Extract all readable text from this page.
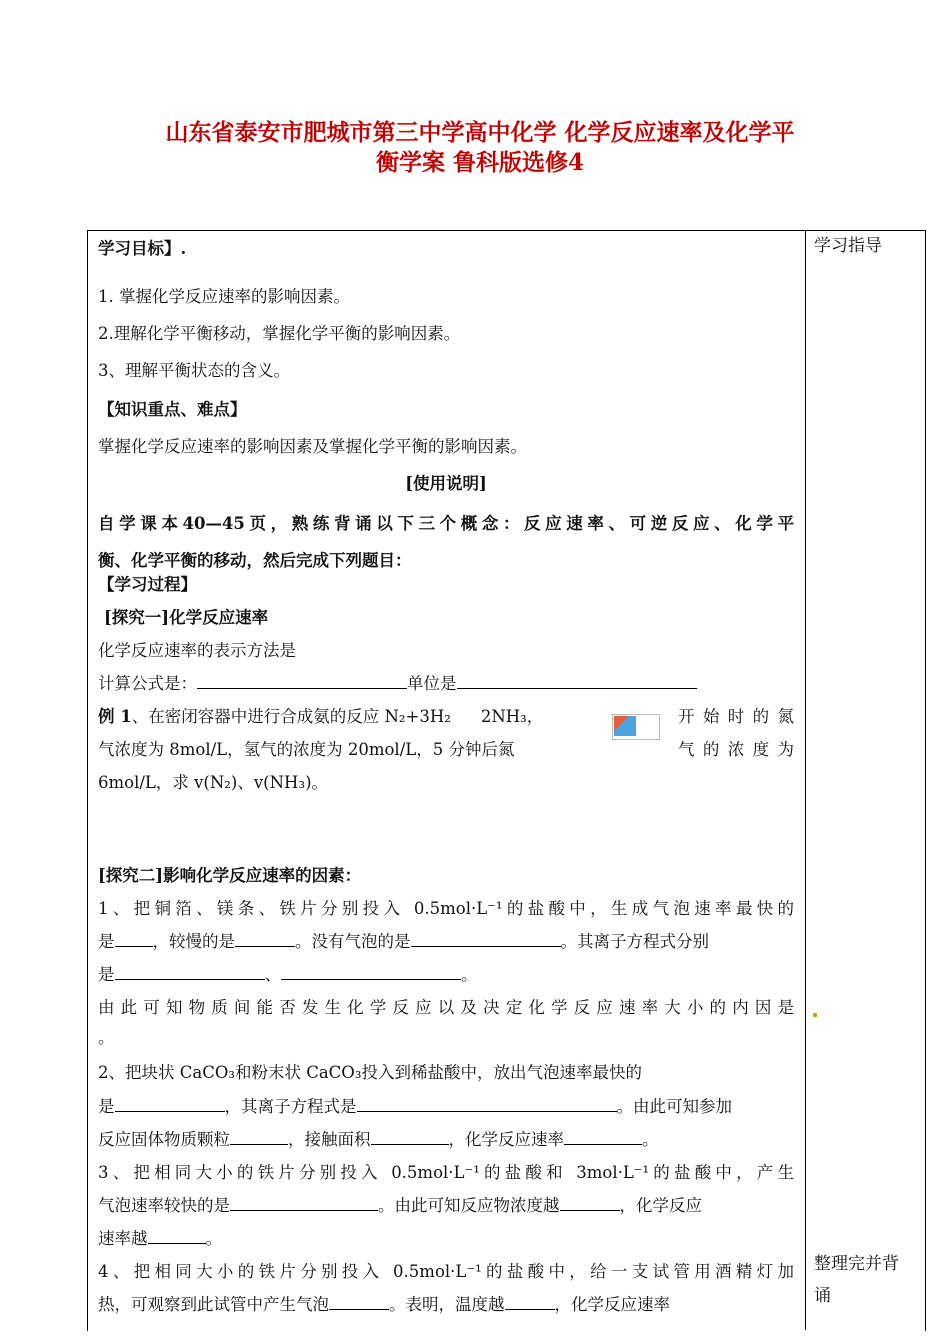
山东省泰安市肥城市第三中学高中化学 化学反应速率及化学平
衡学案 鲁科版选修4
学习指导
整理完并背
诵
学习目标】.
1. 掌握化学反应速率的影响因素。
2.理解化学平衡移动，掌握化学平衡的影响因素。
3、理解平衡状态的含义。
【知识重点、难点】
掌握化学反应速率的影响因素及掌握化学平衡的影响因素。
[使用说明]
自学课本40—45页，熟练背诵以下三个概念：反应速率、可逆反应、化学平
衡、化学平衡的移动，然后完成下列题目：
【学习过程】
[探究一]化学反应速率
化学反应速率的表示方法是
计算公式是：	单位是
例 1、在密闭容器中进行合成氨的反应 N₂+3H₂ 2NH₃，	开始时的氮
气浓度为 8mol/L，氢气的浓度为 20mol/L，5 分钟后氮	气的浓度为
6mol/L，求 v(N₂)、v(NH₃)。
[探究二]影响化学反应速率的因素：
1、把铜箔、镁条、铁片分别投入 0.5mol·L⁻¹的盐酸中，生成气泡速率最快的
是 ，较慢的是	。没有气泡的是	。其离子方程式分别
是	、	。
由此可知物质间能否发生化学反应以及决定化学反应速率大小的内因是
。
2、把块状 CaCO₃和粉末状 CaCO₃投入到稀盐酸中，放出气泡速率最快的
是	，其离子方程式是	。由此可知参加
反应固体物质颗粒	，接触面积	，化学反应速率	。
3、把相同大小的铁片分别投入 0.5mol·L⁻¹的盐酸和 3mol·L⁻¹的盐酸中，产生
气泡速率较快的是	。由此可知反应物浓度越	，化学反应
速率越	。
4、把相同大小的铁片分别投入 0.5mol·L⁻¹的盐酸中，给一支试管用酒精灯加
热，可观察到此试管中产生气泡	。表明，温度越	，化学反应速率
